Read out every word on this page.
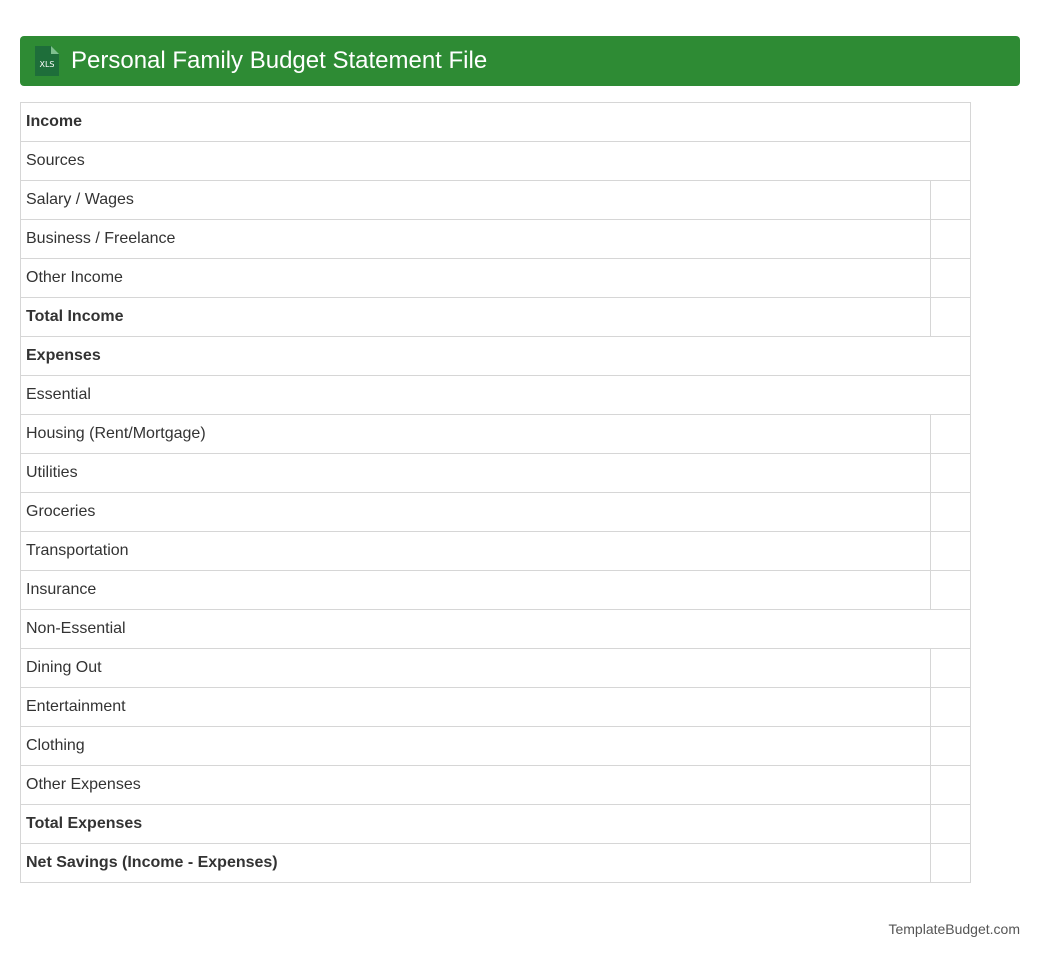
XLS Personal Family Budget Statement File
Income	
Sources	
Salary / Wages	
Business / Freelance	
Other Income	
Total Income	
Expenses	
Essential	
Housing (Rent/Mortgage)	
Utilities	
Groceries	
Transportation	
Insurance	
Non-Essential	
Dining Out	
Entertainment	
Clothing	
Other Expenses	
Total Expenses	
Net Savings (Income - Expenses)	
TemplateBudget.com
